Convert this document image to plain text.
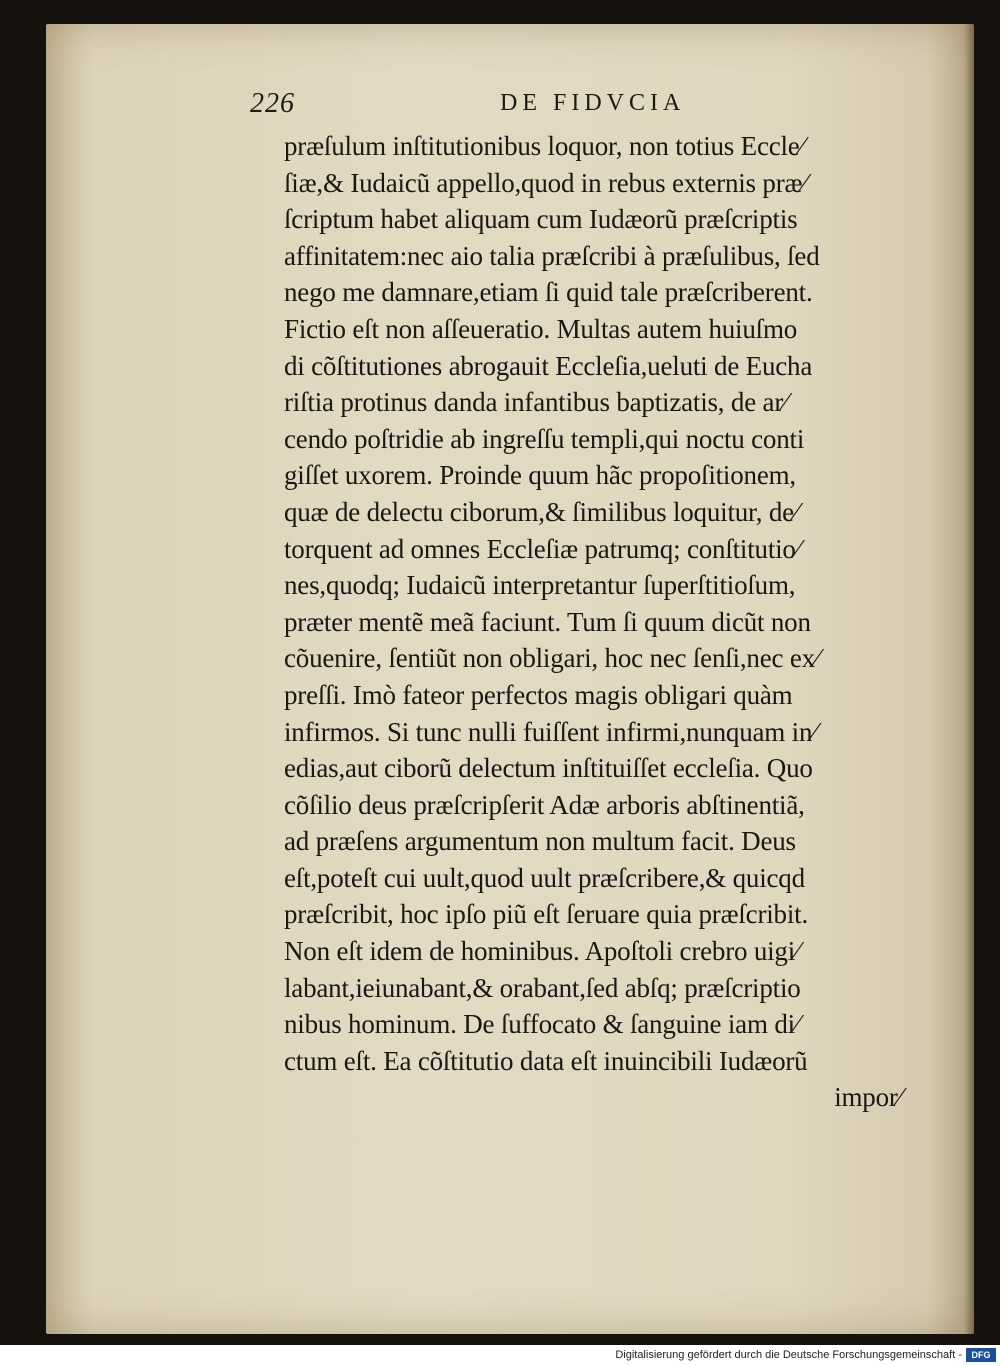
226	DE FIDVCIA
præſulum inſtitutionibus loquor, non totius Eccle⁄
ſiæ,& Iudaicũ appello,quod in rebus externis præ⁄
ſcriptum habet aliquam cum Iudæorũ præſcriptis
affinitatem:nec aio talia præſcribi à præſulibus, ſed
nego me damnare,etiam ſi quid tale præſcriberent.
Fictio eſt non aſſeueratio. Multas autem huiuſmo
di cõſtitutiones abrogauit Eccleſia,ueluti de Eucha
riſtia protinus danda infantibus baptizatis, de ar⁄
cendo poſtridie ab ingreſſu templi,qui noctu conti
giſſet uxorem. Proinde quum hãc propoſitionem,
quæ de delectu ciborum,& ſimilibus loquitur, de⁄
torquent ad omnes Eccleſiæ patrumq; conſtitutio⁄
nes,quodq; Iudaicũ interpretantur ſuperſtitioſum,
præter mentẽ meã faciunt. Tum ſi quum dicũt non
cõuenire, ſentiũt non obligari, hoc nec ſenſi,nec ex⁄
preſſi. Imò fateor perfectos magis obligari quàm
infirmos. Si tunc nulli fuiſſent infirmi,nunquam in⁄
edias,aut ciborũ delectum inſtituiſſet eccleſia. Quo
cõſilio deus præſcripſerit Adæ arboris abſtinentiã,
ad præſens argumentum non multum facit. Deus
eſt,poteſt cui uult,quod uult præſcribere,& quicqd
præſcribit, hoc ipſo piũ eſt ſeruare quia præſcribit.
Non eſt idem de hominibus. Apoſtoli crebro uigi⁄
labant,ieiunabant,& orabant,ſed abſq; præſcriptio
nibus hominum. De ſuffocato & ſanguine iam di⁄
ctum eſt. Ea cõſtitutio data eſt inuincibili Iudæorũ
impor⁄
Digitalisierung gefördert durch die Deutsche Forschungsgemeinschaft -	DFG
